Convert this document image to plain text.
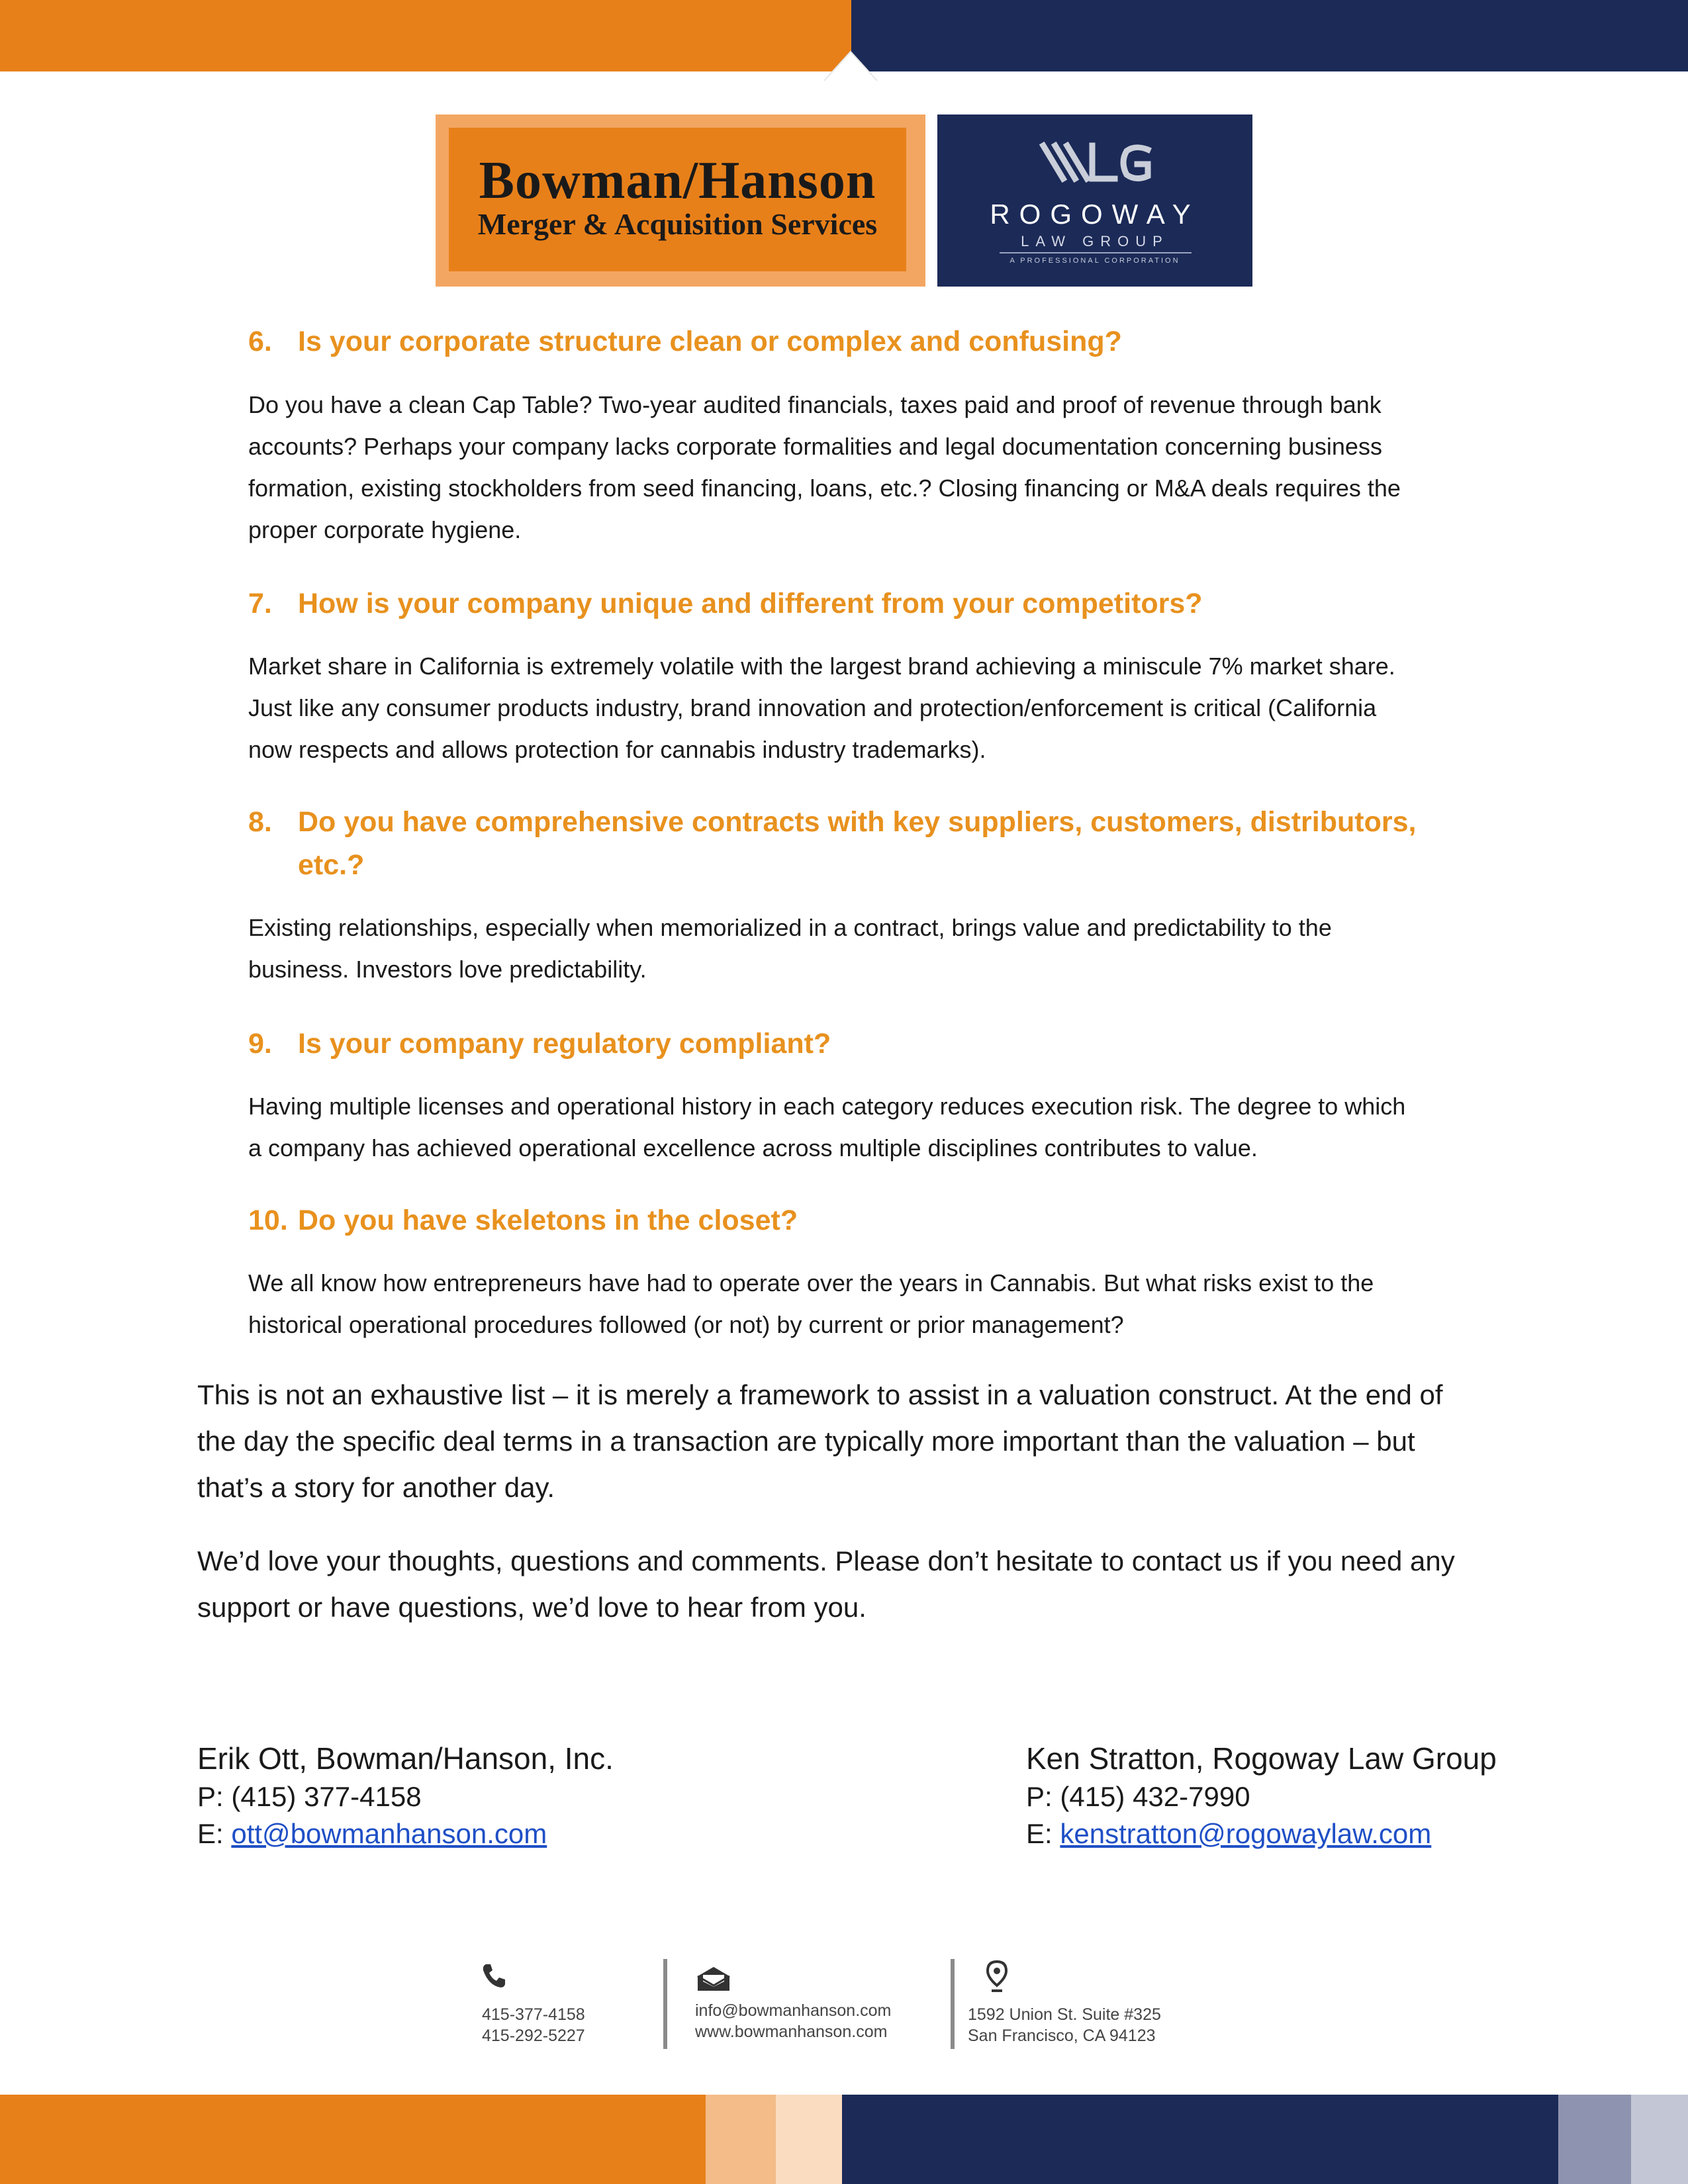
Bowman/Hanson
Merger & Acquisition Services	ROGOWAY
LAW GROUP
A PROFESSIONAL CORPORATION
6. Is your corporate structure clean or complex and confusing?
Do you have a clean Cap Table? Two-year audited financials, taxes paid and proof of revenue through bank
accounts? Perhaps your company lacks corporate formalities and legal documentation concerning business
formation, existing stockholders from seed financing, loans, etc.? Closing financing or M&A deals requires the
proper corporate hygiene.
7. How is your company unique and different from your competitors?
Market share in California is extremely volatile with the largest brand achieving a miniscule 7% market share.
Just like any consumer products industry, brand innovation and protection/enforcement is critical (California
now respects and allows protection for cannabis industry trademarks).
8. Do you have comprehensive contracts with key suppliers, customers, distributors,
etc.?
Existing relationships, especially when memorialized in a contract, brings value and predictability to the
business. Investors love predictability.
9. Is your company regulatory compliant?
Having multiple licenses and operational history in each category reduces execution risk. The degree to which
a company has achieved operational excellence across multiple disciplines contributes to value.
10. Do you have skeletons in the closet?
We all know how entrepreneurs have had to operate over the years in Cannabis. But what risks exist to the
historical operational procedures followed (or not) by current or prior management?
This is not an exhaustive list – it is merely a framework to assist in a valuation construct. At the end of
the day the specific deal terms in a transaction are typically more important than the valuation – but
that’s a story for another day.
We’d love your thoughts, questions and comments. Please don’t hesitate to contact us if you need any
support or have questions, we’d love to hear from you.
Erik Ott, Bowman/Hanson, Inc.
P: (415) 377-4158
E: ott@bowmanhanson.com
Ken Stratton, Rogoway Law Group
P: (415) 432-7990
E: kenstratton@rogowaylaw.com
415-377-4158
415-292-5227
info@bowmanhanson.com
www.bowmanhanson.com
1592 Union St. Suite #325
San Francisco, CA 94123
